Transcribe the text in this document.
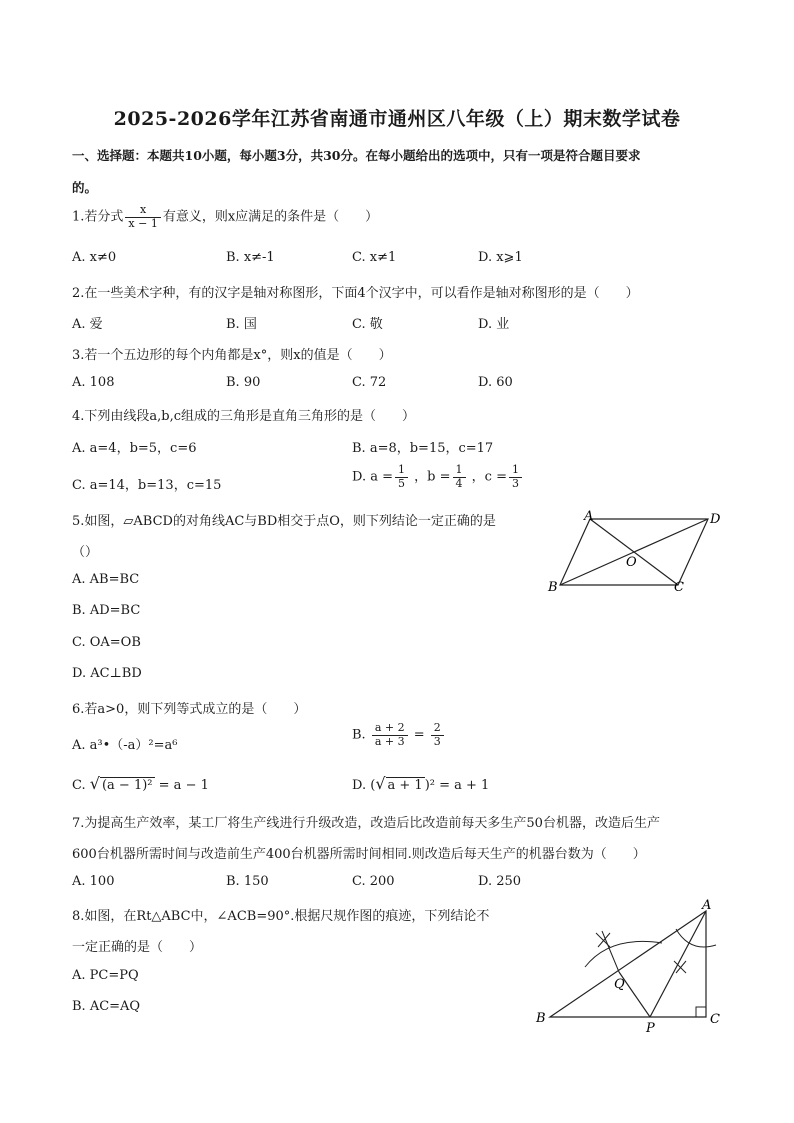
2025-2026学年江苏省南通市通州区八年级（上）期末数学试卷
一、选择题：本题共10小题，每小题3分，共30分。在每小题给出的选项中，只有一项是符合题目要求
的。
1.若分式 $\frac{x}{x - 1}$ 有意义，则x应满足的条件是（　　）
A. x≠0	B. x≠-1	C. x≠1	D. x⩾1
2.在一些美术字种，有的汉字是轴对称图形，下面4个汉字中，可以看作是轴对称图形的是（　　）
A. 爱	B. 国	C. 敬	D. 业
3.若一个五边形的每个内角都是x°，则x的值是（　　）
A. 108	B. 90	C. 72	D. 60
4.下列由线段a,b,c组成的三角形是直角三角形的是（　　）
A. a=4，b=5，c=6	B. a=8，b=15，c=17
C. a=14，b=13，c=15
D. $a = \frac{1}{5}$ ，$b = \frac{1}{4}$ ，$c = \frac{1}{3}$
5.如图，▱ABCD的对角线AC与BD相交于点O，则下列结论一定正确的是
（）
A. AB=BC
B. AD=BC
C. OA=OB
D. AC⊥BD
A
B	C
D
O
6.若a>0，则下列等式成立的是（　　）
A. a³•（-a）²=a⁶
B. $\frac{a + 2}{a + 3} = \frac{2}{3}$
C. √ (a − 1)² = a − 1	D. (√ a + 1 )² = a + 1
7.为提高生产效率，某工厂将生产线进行升级改造，改造后比改造前每天多生产50台机器，改造后生产
600台机器所需时间与改造前生产400台机器所需时间相同.则改造后每天生产的机器台数为（　　）
A. 100	B. 150	C. 200	D. 250
8.如图，在Rt△ABC中，∠ACB=90°.根据尺规作图的痕迹，下列结论不
一定正确的是（　　）
A. PC=PQ
B. AC=AQ
A
B	C
P
Q
